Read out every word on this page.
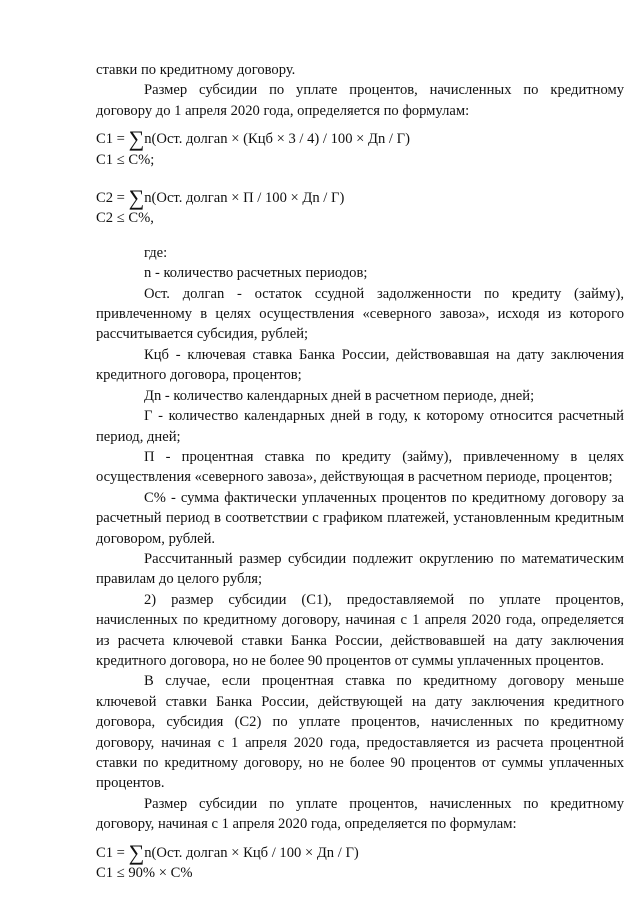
ставки по кредитному договору.

Размер субсидии по уплате процентов, начисленных по кредитному договору до 1 апреля 2020 года, определяется по формулам:

С1 = ∑n(Ост. долгаn × (Кцб × 3 / 4) / 100 × Дn / Г)

С1 ≤ С%;

С2 = ∑n(Ост. долгаn × П / 100 × Дn / Г)

С2 ≤ С%,

где:

n - количество расчетных периодов;

Ост. долгаn - остаток ссудной задолженности по кредиту (займу), привлеченному в целях осуществления «северного завоза», исходя из которого рассчитывается субсидия, рублей;

Кцб - ключевая ставка Банка России, действовавшая на дату заключения кредитного договора, процентов;

Дn - количество календарных дней в расчетном периоде, дней;

Г - количество календарных дней в году, к которому относится расчетный период, дней;

П - процентная ставка по кредиту (займу), привлеченному в целях осуществления «северного завоза», действующая в расчетном периоде, процентов;

С% - сумма фактически уплаченных процентов по кредитному договору за расчетный период в соответствии с графиком платежей, установленным кредитным договором, рублей.

Рассчитанный размер субсидии подлежит округлению по математическим правилам до целого рубля;

2) размер субсидии (С1), предоставляемой по уплате процентов, начисленных по кредитному договору, начиная с 1 апреля 2020 года, определяется из расчета ключевой ставки Банка России, действовавшей на дату заключения кредитного договора, но не более 90 процентов от суммы уплаченных процентов.

В случае, если процентная ставка по кредитному договору меньше ключевой ставки Банка России, действующей на дату заключения кредитного договора, субсидия (С2) по уплате процентов, начисленных по кредитному договору, начиная с 1 апреля 2020 года, предоставляется из расчета процентной ставки по кредитному договору, но не более 90 процентов от суммы уплаченных процентов.

Размер субсидии по уплате процентов, начисленных по кредитному договору, начиная с 1 апреля 2020 года, определяется по формулам:

С1 = ∑n(Ост. долгаn × Кцб / 100 × Дn / Г)

С1 ≤ 90% × С%
